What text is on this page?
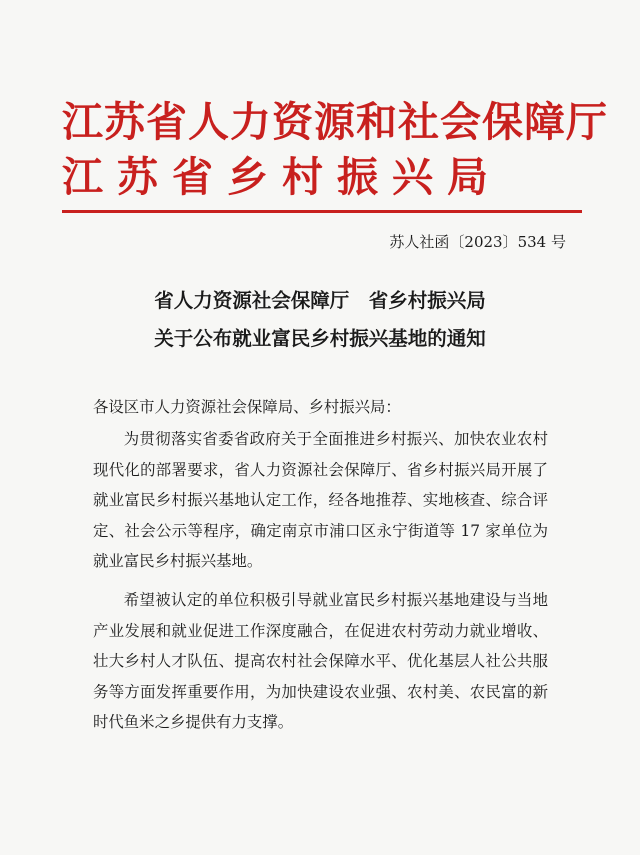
江苏省人力资源和社会保障厅
江苏省乡村振兴局
苏人社函〔2023〕534 号
省人力资源社会保障厅　省乡村振兴局
关于公布就业富民乡村振兴基地的通知
各设区市人力资源社会保障局、乡村振兴局：
为贯彻落实省委省政府关于全面推进乡村振兴、加快农业农村现代化的部署要求，省人力资源社会保障厅、省乡村振兴局开展了就业富民乡村振兴基地认定工作，经各地推荐、实地核查、综合评定、社会公示等程序，确定南京市浦口区永宁街道等 17 家单位为就业富民乡村振兴基地。
希望被认定的单位积极引导就业富民乡村振兴基地建设与当地产业发展和就业促进工作深度融合，在促进农村劳动力就业增收、壮大乡村人才队伍、提高农村社会保障水平、优化基层人社公共服务等方面发挥重要作用，为加快建设农业强、农村美、农民富的新时代鱼米之乡提供有力支撑。
